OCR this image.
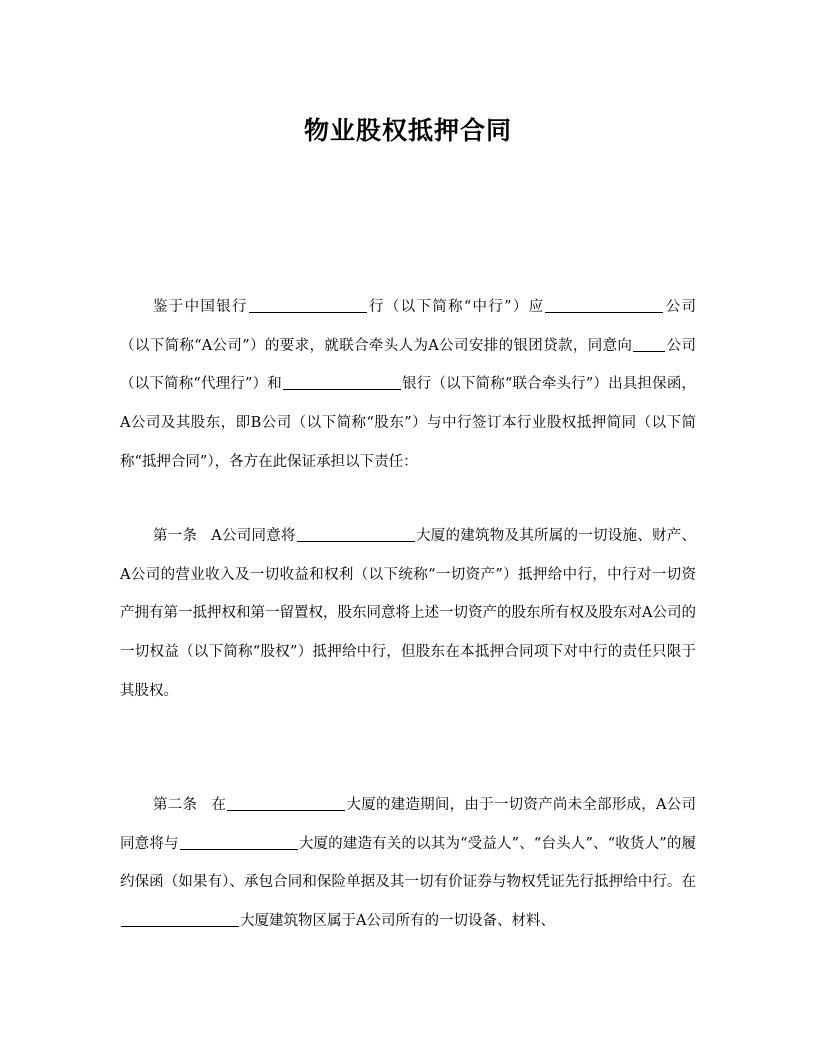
物业股权抵押合同

鉴于中国银行	行（以下简称“中行”）应	公司（以下简称“A公司”）的要求，就联合牵头人为A公司安排的银团贷款，同意向 公司（以下简称“代理行”）和	银行（以下简称“联合牵头行”）出具担保函，A公司及其股东，即B公司（以下简称“股东”）与中行签订本行业股权抵押简同（以下简称“抵押合同”），各方在此保证承担以下责任：

第一条 A公司同意将	大厦的建筑物及其所属的一切设施、财产、A公司的营业收入及一切收益和权利（以下统称“一切资产”）抵押给中行，中行对一切资产拥有第一抵押权和第一留置权，股东同意将上述一切资产的股东所有权及股东对A公司的一切权益（以下简称“股权”）抵押给中行，但股东在本抵押合同项下对中行的责任只限于其股权。

第二条 在	大厦的建造期间，由于一切资产尚未全部形成，A公司同意将与	大厦的建造有关的以其为“受益人”、“台头人”、“收货人”的履约保函（如果有）、承包合同和保险单据及其一切有价证券与物权凭证先行抵押给中行。在大厦建筑物区属于A公司所有的一切设备、材料、
